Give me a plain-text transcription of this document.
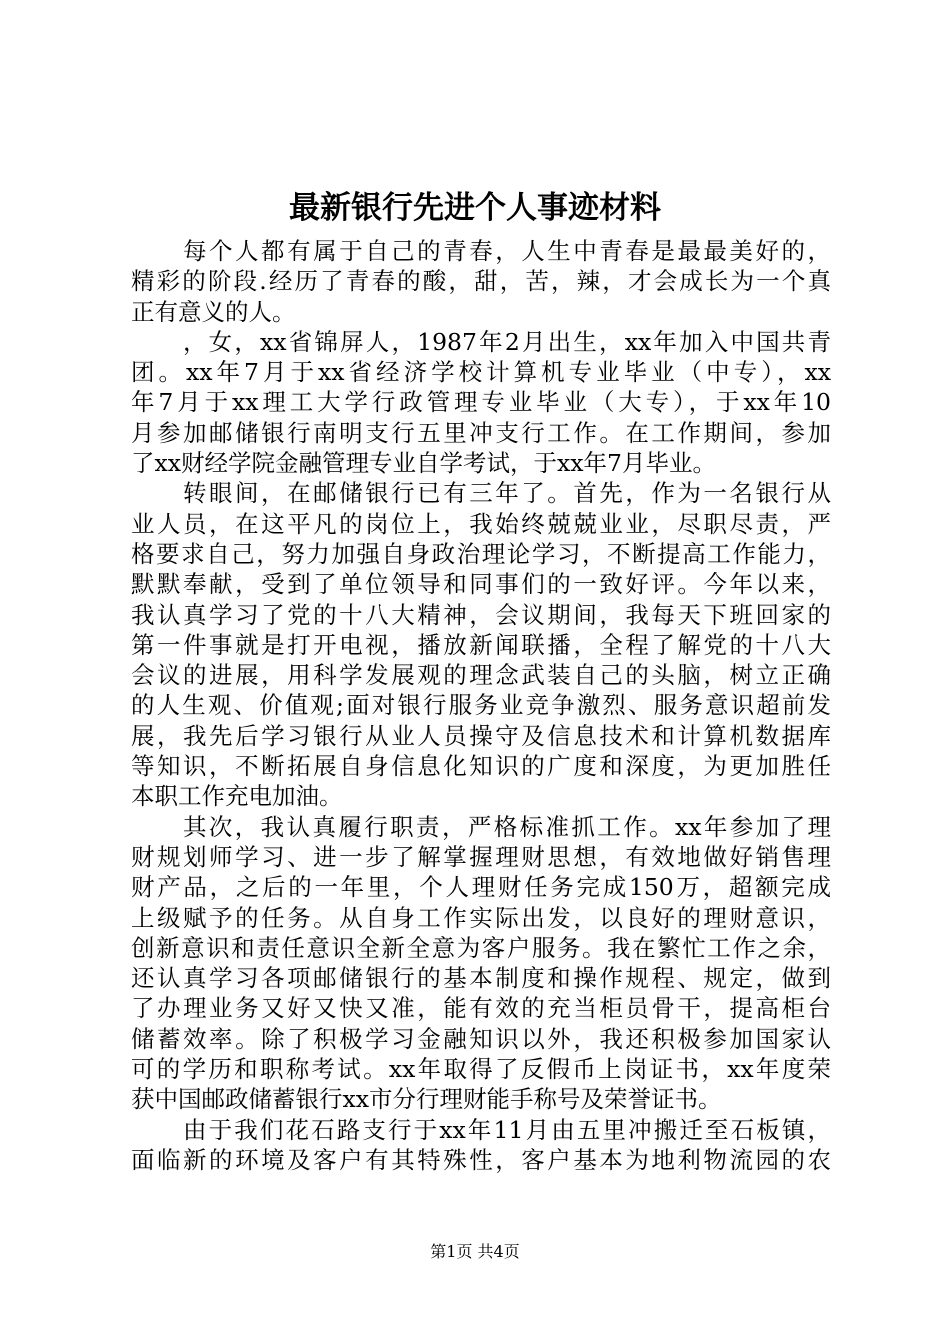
最新银行先进个人事迹材料

每个人都有属于自己的青春，人生中青春是最最美好的，
精彩的阶段.经历了青春的酸，甜，苦，辣，才会成长为一个真
正有意义的人。

，女，xx省锦屏人，1987年2月出生，xx年加入中国共青
团。xx年7月于xx省经济学校计算机专业毕业（中专），xx
年7月于xx理工大学行政管理专业毕业（大专），于xx年10
月参加邮储银行南明支行五里冲支行工作。在工作期间，参加
了xx财经学院金融管理专业自学考试，于xx年7月毕业。

转眼间，在邮储银行已有三年了。首先，作为一名银行从
业人员，在这平凡的岗位上，我始终兢兢业业，尽职尽责，严
格要求自己，努力加强自身政治理论学习，不断提高工作能力，
默默奉献，受到了单位领导和同事们的一致好评。今年以来，
我认真学习了党的十八大精神，会议期间，我每天下班回家的
第一件事就是打开电视，播放新闻联播，全程了解党的十八大
会议的进展，用科学发展观的理念武装自己的头脑，树立正确
的人生观、价值观;面对银行服务业竞争激烈、服务意识超前发
展，我先后学习银行从业人员操守及信息技术和计算机数据库
等知识，不断拓展自身信息化知识的广度和深度，为更加胜任
本职工作充电加油。

其次，我认真履行职责，严格标准抓工作。xx年参加了理
财规划师学习、进一步了解掌握理财思想，有效地做好销售理
财产品，之后的一年里，个人理财任务完成150万，超额完成
上级赋予的任务。从自身工作实际出发，以良好的理财意识，
创新意识和责任意识全新全意为客户服务。我在繁忙工作之余，
还认真学习各项邮储银行的基本制度和操作规程、规定，做到
了办理业务又好又快又准，能有效的充当柜员骨干，提高柜台
储蓄效率。除了积极学习金融知识以外，我还积极参加国家认
可的学历和职称考试。xx年取得了反假币上岗证书，xx年度荣
获中国邮政储蓄银行xx市分行理财能手称号及荣誉证书。

由于我们花石路支行于xx年11月由五里冲搬迁至石板镇，
面临新的环境及客户有其特殊性，客户基本为地利物流园的农

第1页 共4页
